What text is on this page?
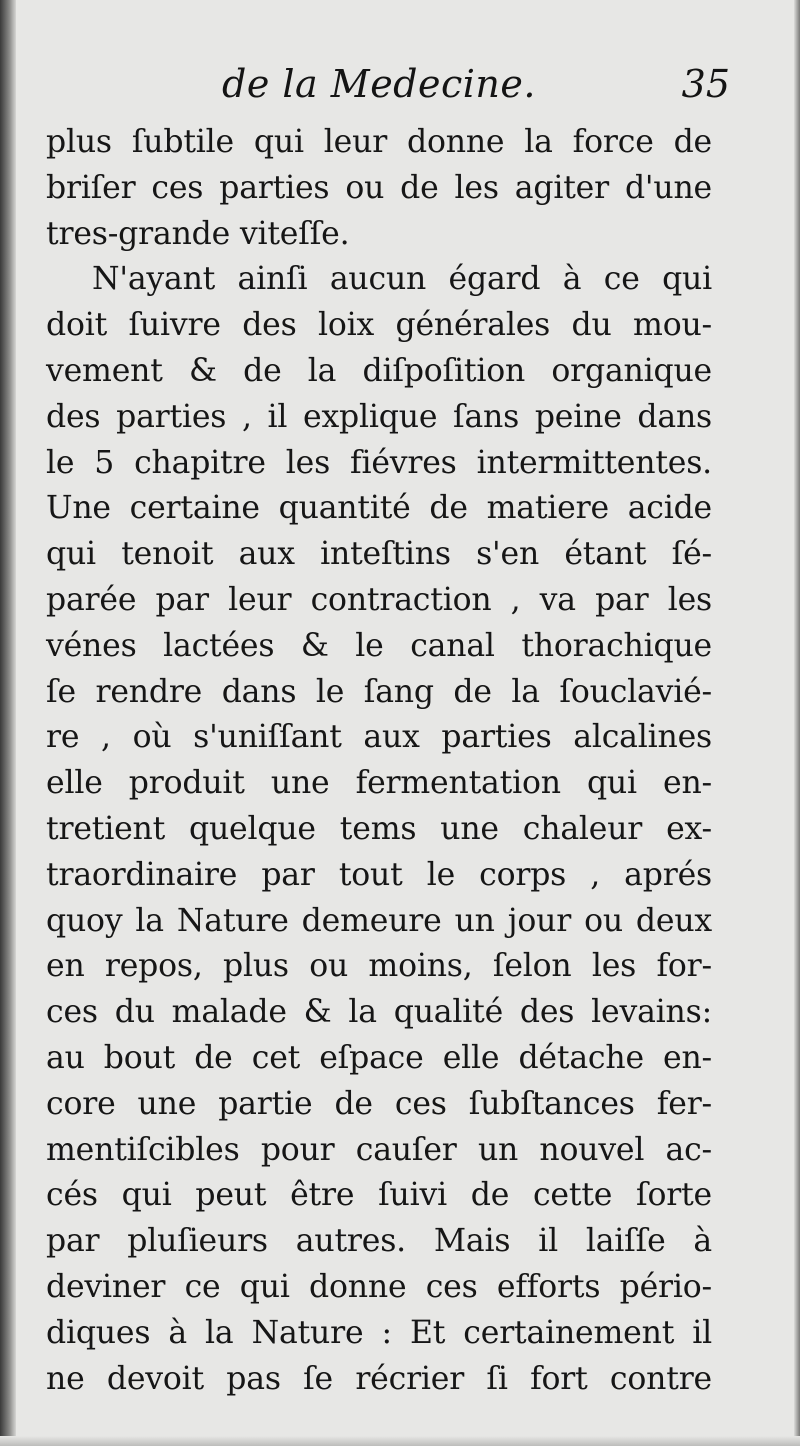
de la Medecine.	35
plus ſubtile qui leur donne la force de
briſer ces parties ou de les agiter d'une
tres-grande viteſſe.
N'ayant ainſi aucun égard à ce qui
doit ſuivre des loix générales du mou-
vement & de la diſpoſition organique
des parties , il explique ſans peine dans
le 5 chapitre les fiévres intermittentes.
Une certaine quantité de matiere acide
qui tenoit aux inteſtins s'en étant ſé-
parée par leur contraction , va par les
vénes lactées & le canal thorachique
ſe rendre dans le ſang de la ſouclavié-
re , où s'uniſſant aux parties alcalines
elle produit une fermentation qui en-
tretient quelque tems une chaleur ex-
traordinaire par tout le corps , aprés
quoy la Nature demeure un jour ou deux
en repos, plus ou moins, ſelon les for-
ces du malade & la qualité des levains:
au bout de cet eſpace elle détache en-
core une partie de ces ſubſtances fer-
mentiſcibles pour cauſer un nouvel ac-
cés qui peut être ſuivi de cette ſorte
par pluſieurs autres. Mais il laiſſe à
deviner ce qui donne ces efforts pério-
diques à la Nature : Et certainement il
ne devoit pas ſe récrier ſi fort contre
